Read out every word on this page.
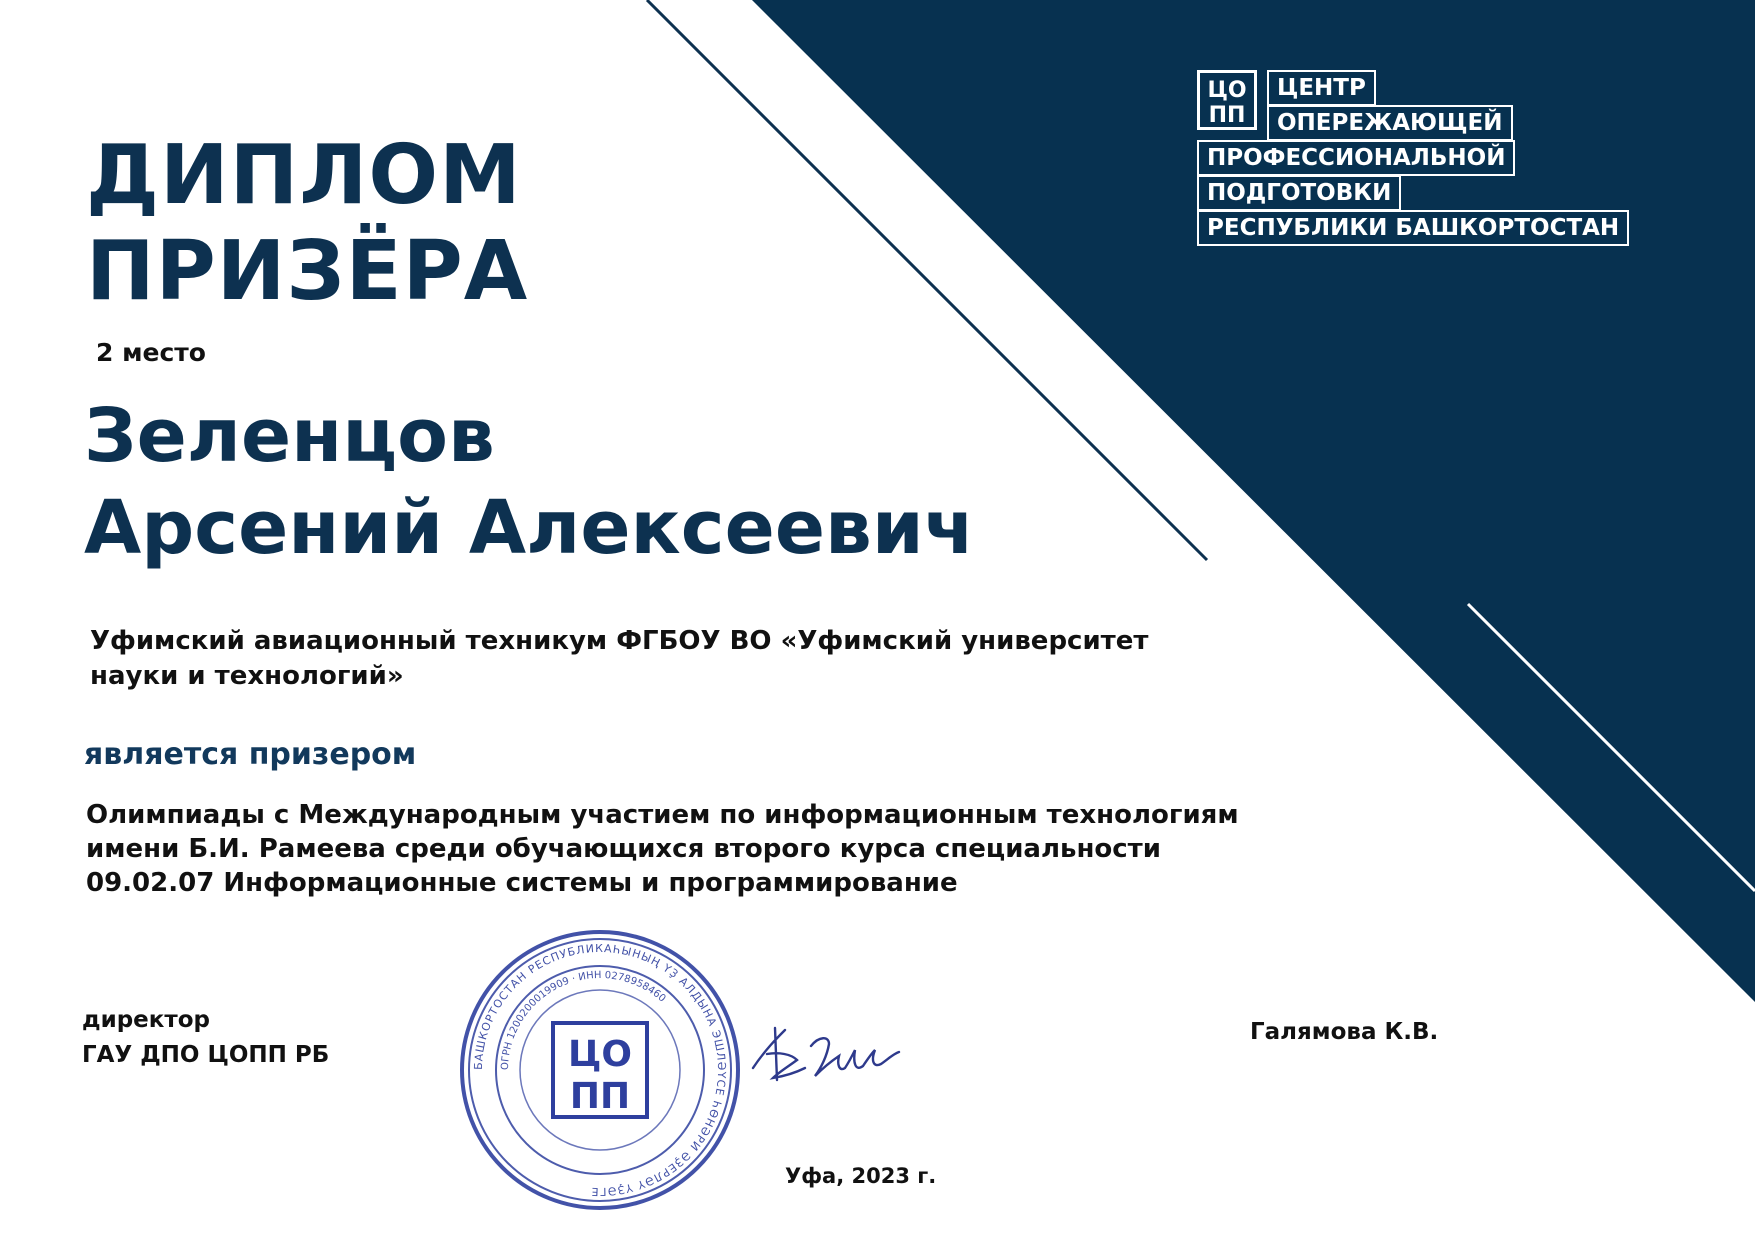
ЦО
ПП
ЦЕНТР
ОПЕРЕЖАЮЩЕЙ
ПРОФЕССИОНАЛЬНОЙ
ПОДГОТОВКИ
РЕСПУБЛИКИ БАШКОРТОСТАН
ДИПЛОМ
ПРИЗЁРА
2 место
Зеленцов
Арсений Алексеевич
Уфимский авиационный техникум ФГБОУ ВО «Уфимский университет
науки и технологий»
является призером
Олимпиады с Международным участием по информационным технологиям
имени Б.И. Рамеева среди обучающихся второго курса специальности
09.02.07 Информационные системы и программирование
директор
ГАУ ДПО ЦОПП РБ	БАШКОРТОСТАН РЕСПУБЛИКАҺЫНЫҢ ҮҘ АЛДЫНА ЭШЛӘҮСЕ ҺӨНӘРИ ӘҘЕРЛӘҮ ҮҘӘГЕ
ОГРН 1200200019909 · ИНН 0278958460
ЦО
ПП
Галямова К.В.
Уфа, 2023 г.
